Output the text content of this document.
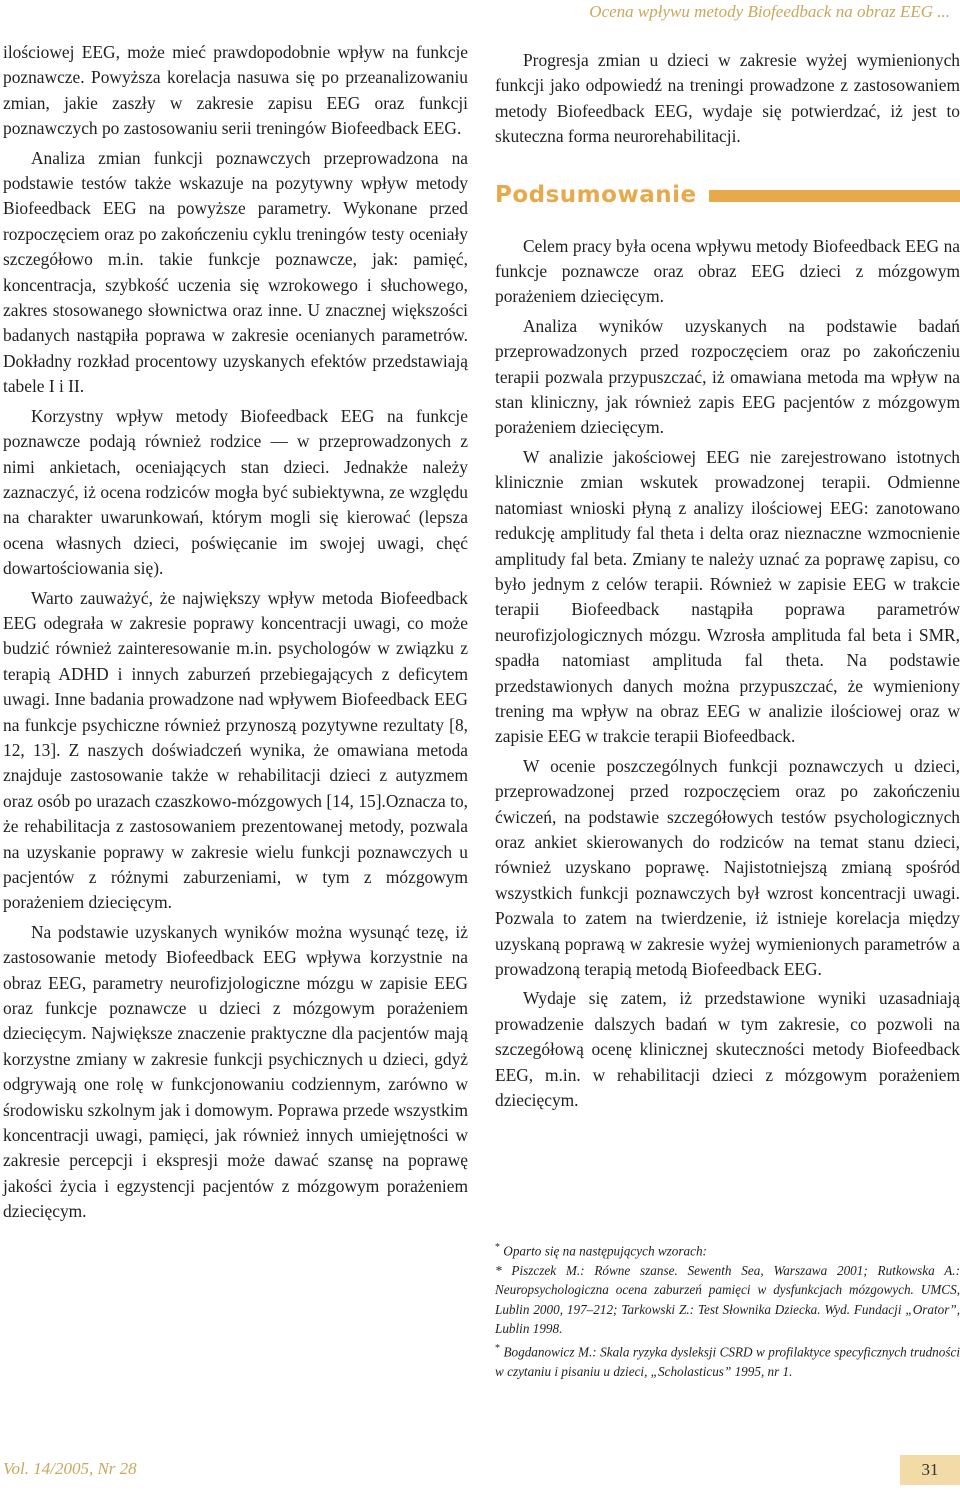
Ocena wpływu metody Biofeedback na obraz EEG ...

ilościowej EEG, może mieć prawdopodobnie wpływ na funkcje poznawcze. Powyższa korelacja nasuwa się po przeanalizowaniu zmian, jakie zaszły w zakresie zapisu EEG oraz funkcji poznawczych po zastosowaniu serii treningów Biofeedback EEG.

Analiza zmian funkcji poznawczych przeprowadzona na podstawie testów także wskazuje na pozytywny wpływ metody Biofeedback EEG na powyższe parametry. Wykonane przed rozpoczęciem oraz po zakończeniu cyklu treningów testy oceniały szczegółowo m.in. takie funkcje poznawcze, jak: pamięć, koncentracja, szybkość uczenia się wzrokowego i słuchowego, zakres stosowanego słownictwa oraz inne. U znacznej większości badanych nastąpiła poprawa w zakresie ocenianych parametrów. Dokładny rozkład procentowy uzyskanych efektów przedstawiają tabele I i II.

Korzystny wpływ metody Biofeedback EEG na funkcje poznawcze podają również rodzice — w przeprowadzonych z nimi ankietach, oceniających stan dzieci. Jednakże należy zaznaczyć, iż ocena rodziców mogła być subiektywna, ze względu na charakter uwarunkowań, którym mogli się kierować (lepsza ocena własnych dzieci, poświęcanie im swojej uwagi, chęć dowartościowania się).

Warto zauważyć, że największy wpływ metoda Biofeedback EEG odegrała w zakresie poprawy koncentracji uwagi, co może budzić również zainteresowanie m.in. psychologów w związku z terapią ADHD i innych zaburzeń przebiegających z deficytem uwagi. Inne badania prowadzone nad wpływem Biofeedback EEG na funkcje psychiczne również przynoszą pozytywne rezultaty [8, 12, 13]. Z naszych doświadczeń wynika, że omawiana metoda znajduje zastosowanie także w rehabilitacji dzieci z autyzmem oraz osób po urazach czaszkowo-mózgowych [14, 15].Oznacza to, że rehabilitacja z zastosowaniem prezentowanej metody, pozwala na uzyskanie poprawy w zakresie wielu funkcji poznawczych u pacjentów z różnymi zaburzeniami, w tym z mózgowym porażeniem dziecięcym.

Na podstawie uzyskanych wyników można wysunąć tezę, iż zastosowanie metody Biofeedback EEG wpływa korzystnie na obraz EEG, parametry neurofizjologiczne mózgu w zapisie EEG oraz funkcje poznawcze u dzieci z mózgowym porażeniem dziecięcym. Największe znaczenie praktyczne dla pacjentów mają korzystne zmiany w zakresie funkcji psychicznych u dzieci, gdyż odgrywają one rolę w funkcjonowaniu codziennym, zarówno w środowisku szkolnym jak i domowym. Poprawa przede wszystkim koncentracji uwagi, pamięci, jak również innych umiejętności w zakresie percepcji i ekspresji może dawać szansę na poprawę jakości życia i egzystencji pacjentów z mózgowym porażeniem dziecięcym.

Progresja zmian u dzieci w zakresie wyżej wymienionych funkcji jako odpowiedź na treningi prowadzone z zastosowaniem metody Biofeedback EEG, wydaje się potwierdzać, iż jest to skuteczna forma neurorehabilitacji.

Podsumowanie

Celem pracy była ocena wpływu metody Biofeedback EEG na funkcje poznawcze oraz obraz EEG dzieci z mózgowym porażeniem dziecięcym.

Analiza wyników uzyskanych na podstawie badań przeprowadzonych przed rozpoczęciem oraz po zakończeniu terapii pozwala przypuszczać, iż omawiana metoda ma wpływ na stan kliniczny, jak również zapis EEG pacjentów z mózgowym porażeniem dziecięcym.

W analizie jakościowej EEG nie zarejestrowano istotnych klinicznie zmian wskutek prowadzonej terapii. Odmienne natomiast wnioski płyną z analizy ilościowej EEG: zanotowano redukcję amplitudy fal theta i delta oraz nieznaczne wzmocnienie amplitudy fal beta. Zmiany te należy uznać za poprawę zapisu, co było jednym z celów terapii. Również w zapisie EEG w trakcie terapii Biofeedback nastąpiła poprawa parametrów neurofizjologicznych mózgu. Wzrosła amplituda fal beta i SMR, spadła natomiast amplituda fal theta. Na podstawie przedstawionych danych można przypuszczać, że wymieniony trening ma wpływ na obraz EEG w analizie ilościowej oraz w zapisie EEG w trakcie terapii Biofeedback.

W ocenie poszczególnych funkcji poznawczych u dzieci, przeprowadzonej przed rozpoczęciem oraz po zakończeniu ćwiczeń, na podstawie szczegółowych testów psychologicznych oraz ankiet skierowanych do rodziców na temat stanu dzieci, również uzyskano poprawę. Najistotniejszą zmianą spośród wszystkich funkcji poznawczych był wzrost koncentracji uwagi. Pozwala to zatem na twierdzenie, iż istnieje korelacja między uzyskaną poprawą w zakresie wyżej wymienionych parametrów a prowadzoną terapią metodą Biofeedback EEG.

Wydaje się zatem, iż przedstawione wyniki uzasadniają prowadzenie dalszych badań w tym zakresie, co pozwoli na szczegółową ocenę klinicznej skuteczności metody Biofeedback EEG, m.in. w rehabilitacji dzieci z mózgowym porażeniem dziecięcym.

* Oparto się na następujących wzorach:

* Piszczek M.: Równe szanse. Sewenth Sea, Warszawa 2001; Rutkowska A.: Neuropsychologiczna ocena zaburzeń pamięci w dysfunkcjach mózgowych. UMCS, Lublin 2000, 197–212; Tarkowski Z.: Test Słownika Dziecka. Wyd. Fundacji „Orator”, Lublin 1998.

* Bogdanowicz M.: Skala ryzyka dysleksji CSRD w profilaktyce specyficznych trudności w czytaniu i pisaniu u dzieci, „Scholasticus” 1995, nr 1.

Vol. 14/2005, Nr 28	31
